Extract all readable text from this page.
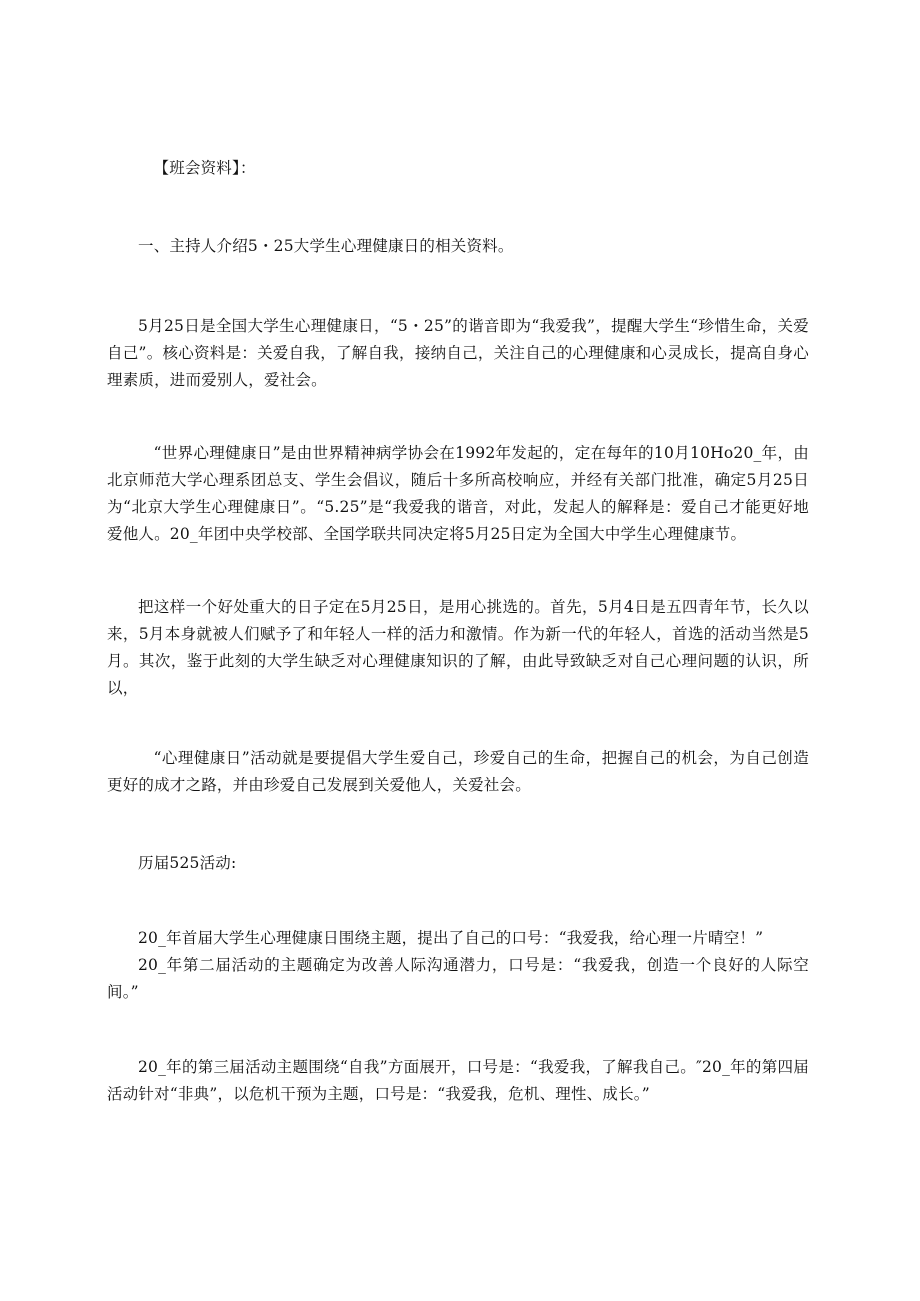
【班会资料】：

一、主持人介绍5・25大学生心理健康日的相关资料。

5月25日是全国大学生心理健康日，“5・25”的谐音即为“我爱我”，提醒大学生“珍惜生命，关爱自己”。核心资料是：关爱自我，了解自我，接纳自己，关注自己的心理健康和心灵成长，提高自身心理素质，进而爱别人，爱社会。

“世界心理健康日”是由世界精神病学协会在1992年发起的，定在每年的10月10Ho20_年，由北京师范大学心理系团总支、学生会倡议，随后十多所高校响应，并经有关部门批准，确定5月25日为“北京大学生心理健康日”。“5.25”是“我爱我的谐音，对此，发起人的解释是：爱自己才能更好地爱他人。20_年团中央学校部、全国学联共同决定将5月25日定为全国大中学生心理健康节。

把这样一个好处重大的日子定在5月25日，是用心挑选的。首先，5月4日是五四青年节，长久以来，5月本身就被人们赋予了和年轻人一样的活力和激情。作为新一代的年轻人，首选的活动当然是5月。其次，鉴于此刻的大学生缺乏对心理健康知识的了解，由此导致缺乏对自己心理问题的认识，所以，

“心理健康日”活动就是要提倡大学生爱自己，珍爱自己的生命，把握自己的机会，为自己创造更好的成才之路，并由珍爱自己发展到关爱他人，关爱社会。

历届525活动:

20_年首届大学生心理健康日围绕主题，提出了自己的口号：“我爱我，给心理一片晴空！”

20_年第二届活动的主题确定为改善人际沟通潜力，口号是：“我爱我，创造一个良好的人际空间。”

20_年的第三届活动主题围绕“自我”方面展开，口号是：“我爱我，了解我自己。″20_年的第四届活动针对“非典”，以危机干预为主题，口号是：“我爱我，危机、理性、成长。”
